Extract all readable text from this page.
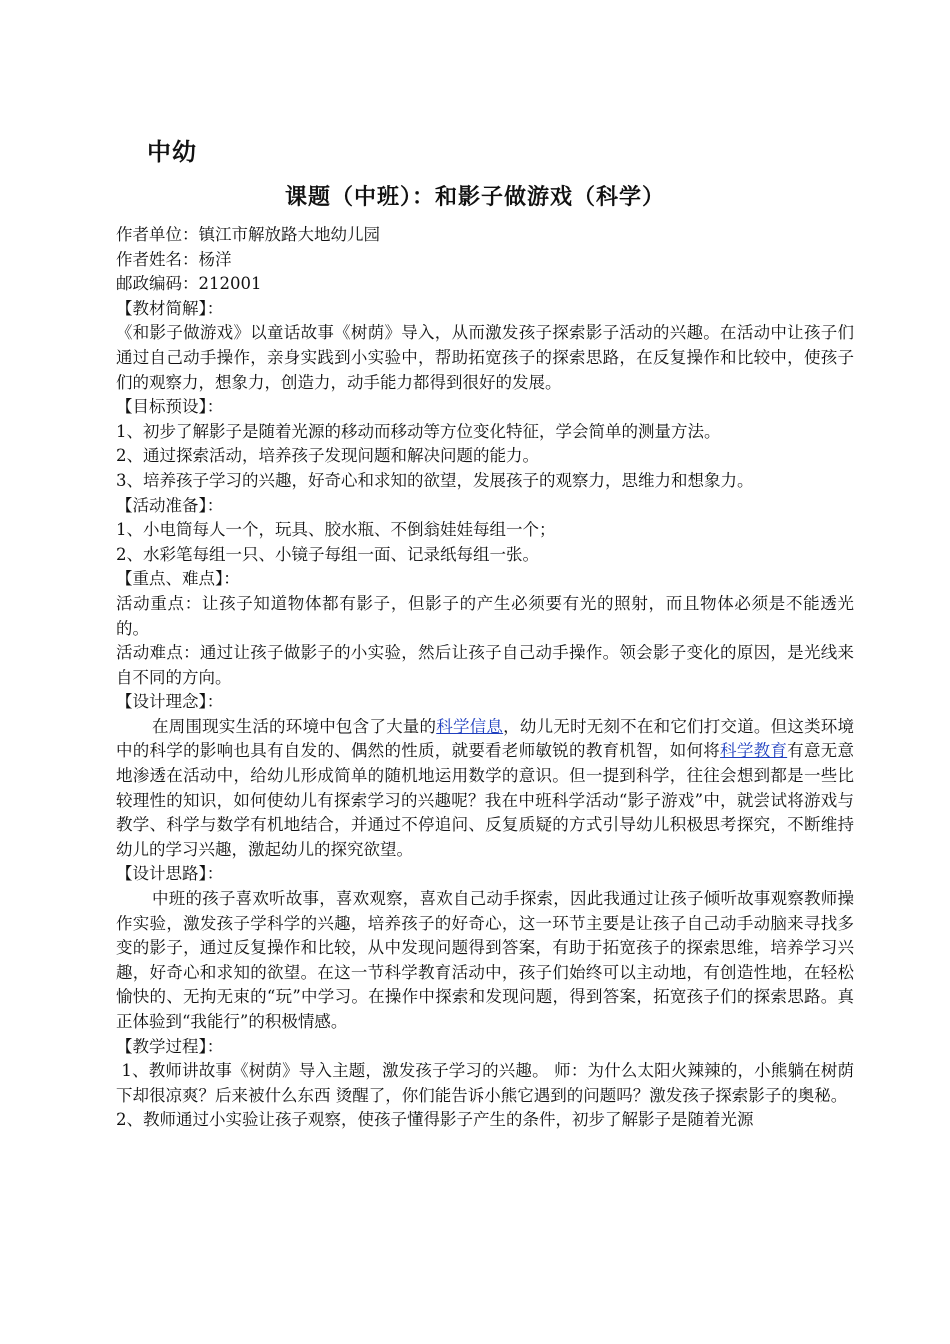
中幼
课题（中班）：和影子做游戏（科学）
作者单位：镇江市解放路大地幼儿园
作者姓名：杨洋
邮政编码：212001
【教材简解】：
《和影子做游戏》以童话故事《树荫》导入，从而激发孩子探索影子活动的兴趣。在活动中让孩子们通过自己动手操作，亲身实践到小实验中，帮助拓宽孩子的探索思路，在反复操作和比较中，使孩子们的观察力，想象力，创造力，动手能力都得到很好的发展。
【目标预设】：
1、初步了解影子是随着光源的移动而移动等方位变化特征，学会简单的测量方法。
2、通过探索活动，培养孩子发现问题和解决问题的能力。
3、培养孩子学习的兴趣，好奇心和求知的欲望，发展孩子的观察力，思维力和想象力。
【活动准备】：
1、小电筒每人一个，玩具、胶水瓶、不倒翁娃娃每组一个；
2、水彩笔每组一只、小镜子每组一面、记录纸每组一张。
【重点、难点】：
活动重点：让孩子知道物体都有影子，但影子的产生必须要有光的照射，而且物体必须是不能透光的。
活动难点：通过让孩子做影子的小实验，然后让孩子自己动手操作。领会影子变化的原因，是光线来自不同的方向。
【设计理念】：
在周围现实生活的环境中包含了大量的科学信息，幼儿无时无刻不在和它们打交道。但这类环境中的科学的影响也具有自发的、偶然的性质，就要看老师敏锐的教育机智，如何将科学教育有意无意地渗透在活动中，给幼儿形成简单的随机地运用数学的意识。但一提到科学，往往会想到都是一些比较理性的知识，如何使幼儿有探索学习的兴趣呢？我在中班科学活动“影子游戏”中，就尝试将游戏与教学、科学与数学有机地结合，并通过不停追问、反复质疑的方式引导幼儿积极思考探究，不断维持幼儿的学习兴趣，激起幼儿的探究欲望。
【设计思路】：
中班的孩子喜欢听故事，喜欢观察，喜欢自己动手探索，因此我通过让孩子倾听故事观察教师操作实验，激发孩子学科学的兴趣，培养孩子的好奇心，这一环节主要是让孩子自己动手动脑来寻找多变的影子，通过反复操作和比较，从中发现问题得到答案，有助于拓宽孩子的探索思维，培养学习兴趣，好奇心和求知的欲望。在这一节科学教育活动中，孩子们始终可以主动地，有创造性地，在轻松愉快的、无拘无束的“玩”中学习。在操作中探索和发现问题，得到答案，拓宽孩子们的探索思路。真正体验到“我能行”的积极情感。
【教学过程】：
1、教师讲故事《树荫》导入主题，激发孩子学习的兴趣。 师：为什么太阳火辣辣的，小熊躺在树荫下却很凉爽？后来被什么东西 烫醒了，你们能告诉小熊它遇到的问题吗？激发孩子探索影子的奥秘。
2、教师通过小实验让孩子观察，使孩子懂得影子产生的条件，初步了解影子是随着光源
